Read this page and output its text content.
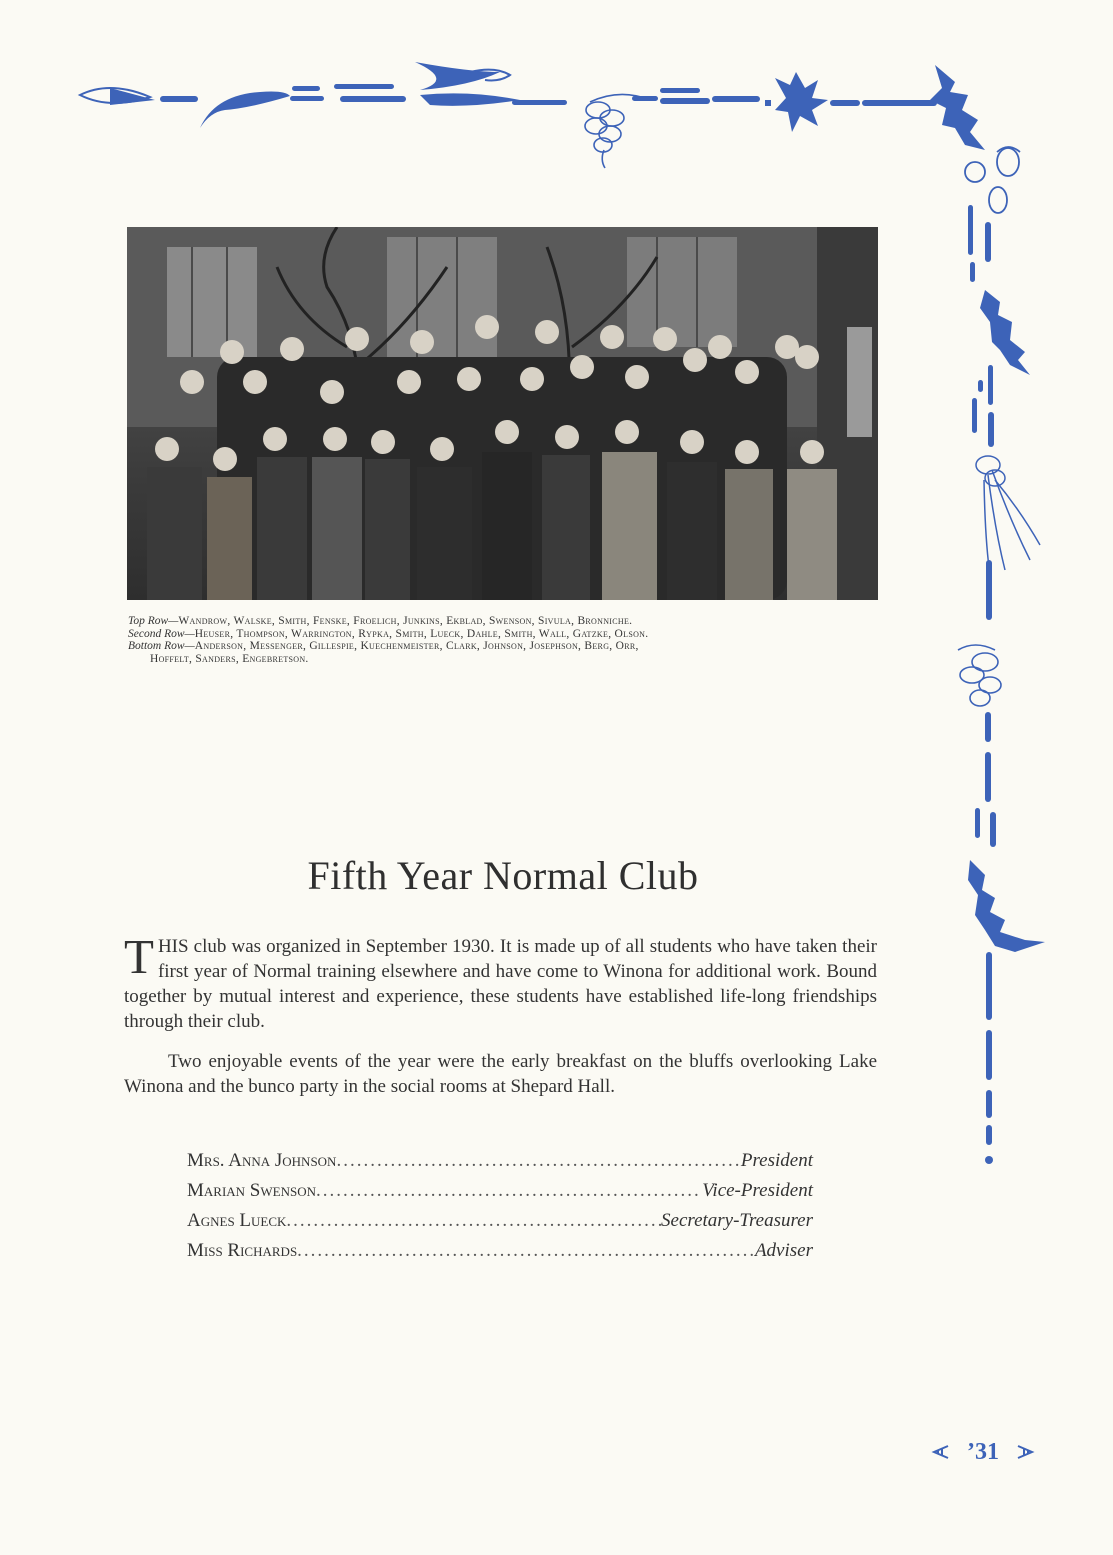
Top Row—Wandrow, Walske, Smith, Fenske, Froelich, Junkins, Ekblad, Swenson, Sivula, Bronniche.
Second Row—Heuser, Thompson, Warrington, Rypka, Smith, Lueck, Dahle, Smith, Wall, Gatzke, Olson.
Bottom Row—Anderson, Messenger, Gillespie, Kuechenmeister, Clark, Johnson, Josephson, Berg, Orr,
Hoffelt, Sanders, Engebretson.
Fifth Year Normal Club

THIS club was organized in September 1930. It is made up of all students who have taken their first year of Normal training elsewhere and have come to Winona for additional work. Bound together by mutual interest and experience, these students have established life-long friendships through their club.

Two enjoyable events of the year were the early breakfast on the bluffs overlooking Lake Winona and the bunco party in the social rooms at Shepard Hall.

Mrs. Anna Johnson .....	President
Marian Swenson .....	Vice-President
Agnes Lueck .....	Secretary-Treasurer
Miss Richards .....	Adviser
’31
